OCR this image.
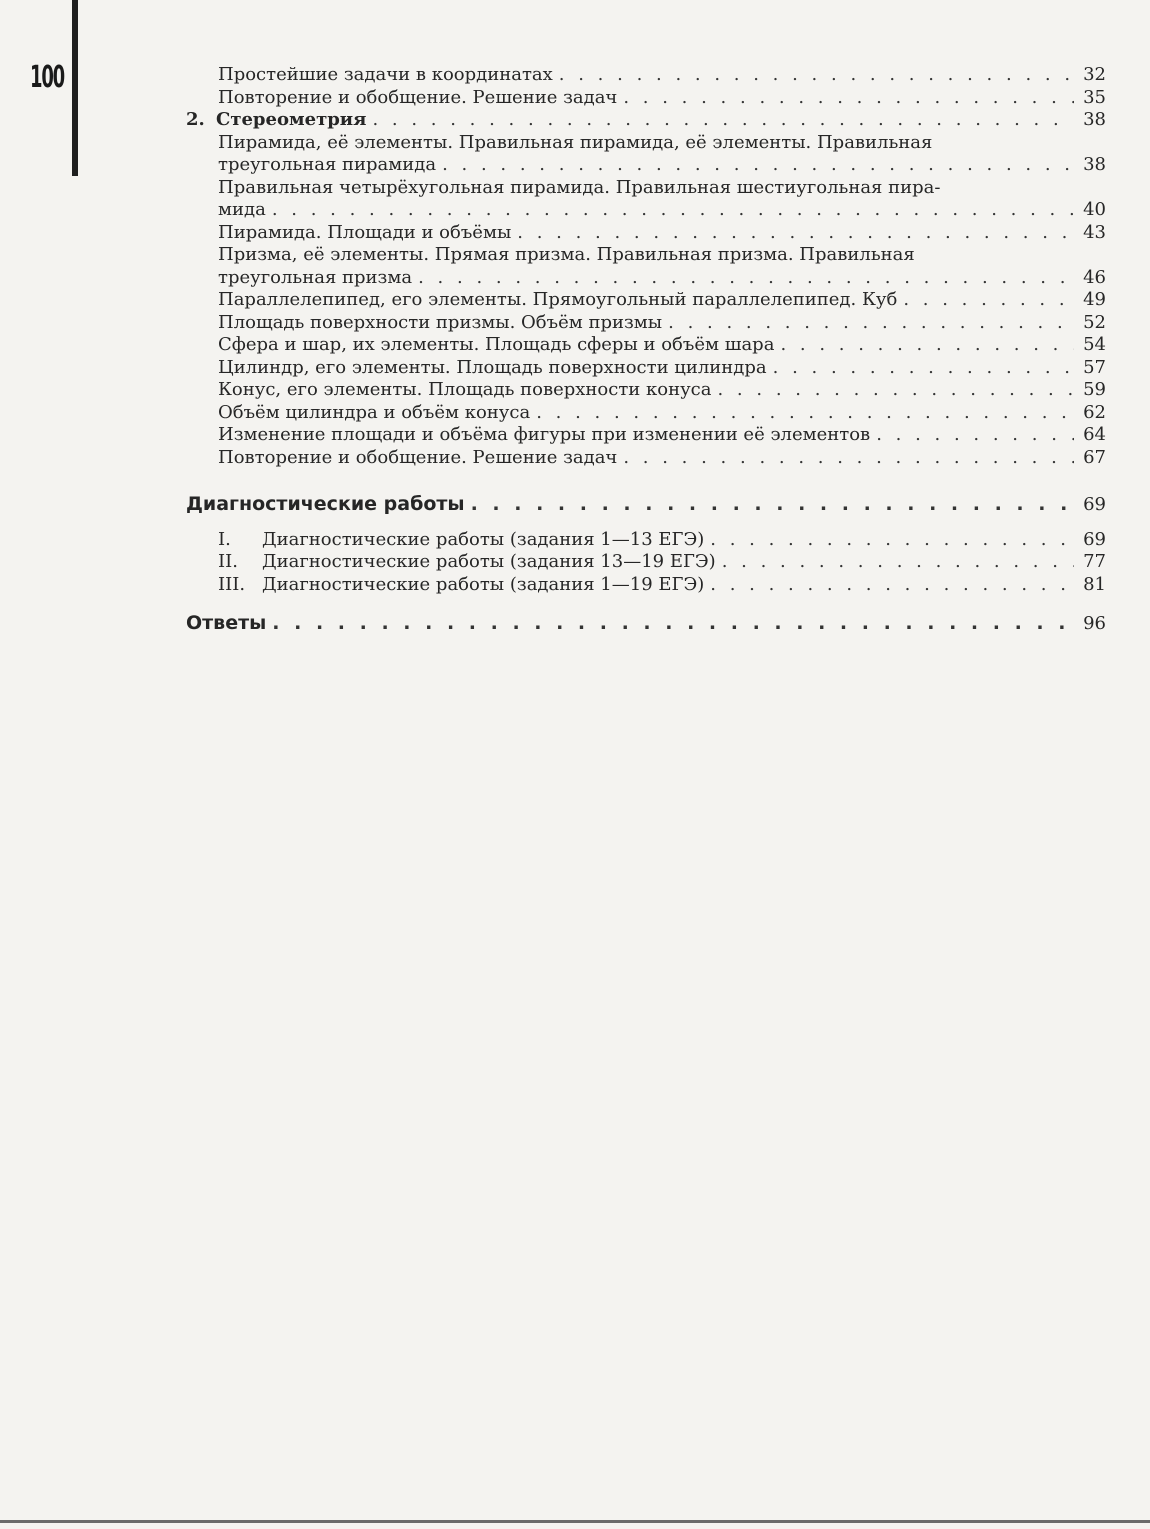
100	Простейшие задачи в координатах . . .	32
Повторение и обобщение. Решение задач . . .	35
2. Стереометрия . . .	38
Пирамида, её элементы. Правильная пирамида, её элементы. Правильная
треугольная пирамида . . .	38
Правильная четырёхугольная пирамида. Правильная шестиугольная пира-
мида . . .	40
Пирамида. Площади и объёмы . . .	43
Призма, её элементы. Прямая призма. Правильная призма. Правильная
треугольная призма . . .	46
Параллелепипед, его элементы. Прямоугольный параллелепипед. Куб . . .	49
Площадь поверхности призмы. Объём призмы . . .	52
Сфера и шар, их элементы. Площадь сферы и объём шара . . .	54
Цилиндр, его элементы. Площадь поверхности цилиндра . . .	57
Конус, его элементы. Площадь поверхности конуса . . .	59
Объём цилиндра и объём конуса . . .	62
Изменение площади и объёма фигуры при изменении её элементов . . .	64
Повторение и обобщение. Решение задач . . .	67
Диагностические работы . . .	69
I.	Диагностические работы (задания 1—13 ЕГЭ) . . .	69
II.	Диагностические работы (задания 13—19 ЕГЭ) . . .	77
III. Диагностические работы (задания 1—19 ЕГЭ) . . .	81
Ответы . . .	96
